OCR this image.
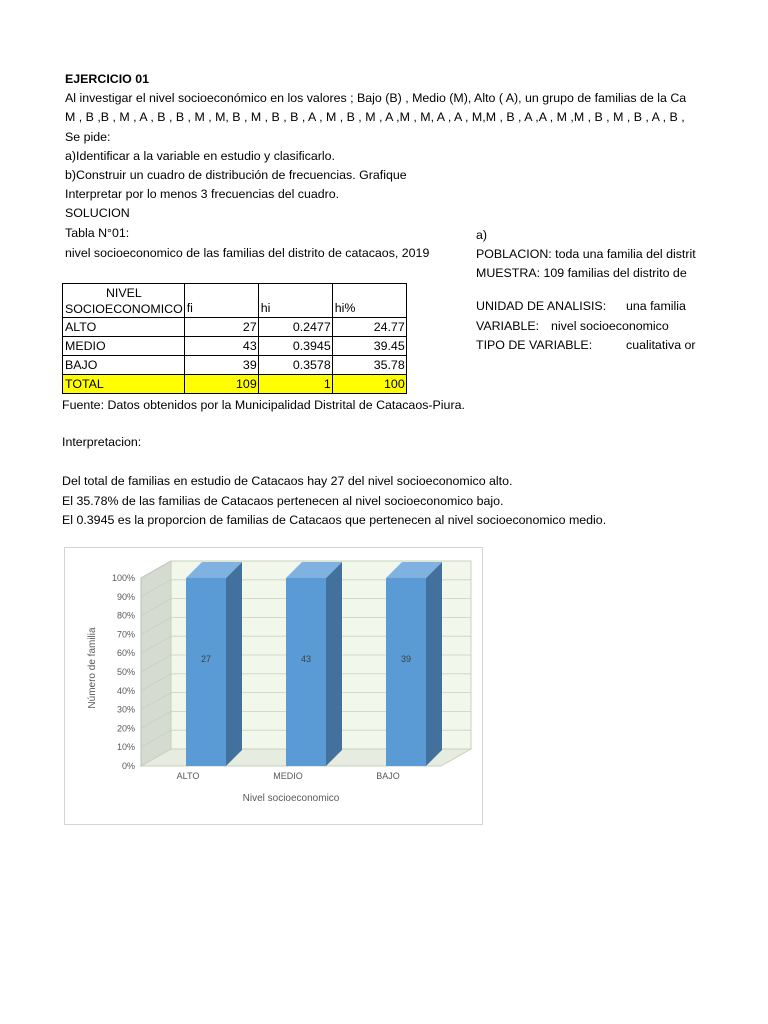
EJERCICIO 01
Al investigar el nivel socioeconómico en los valores ; Bajo (B) , Medio (M), Alto ( A), un grupo de familias de la Ca
M , B ,B , M , A , B , B , M , M, B , M , B , B , A , M , B , M , A ,M , M, A , A , M,M , B , A ,A , M ,M , B , M , B , A , B ,
Se pide:
a)Identificar a la variable en estudio y clasificarlo.
b)Construir un cuadro de distribución de frecuencias. Grafique
Interpretar por lo menos 3 frecuencias del cuadro.
SOLUCION
Tabla N°01:
nivel socioeconomico de las familias del distrito de catacaos, 2019
a)
POBLACION: toda una familia del distrit
MUESTRA: 109 familias del distrito de
UNIDAD DE ANALISIS: una familia
VARIABLE: nivel socioeconomico
TIPO DE VARIABLE:	cualitativa or
NIVEL
SOCIOECONOMICO	fi	hi	hi%
ALTO	27	0.2477	24.77
MEDIO	43	0.3945	39.45
BAJO	39	0.3578	35.78
TOTAL	109	1	100
Fuente: Datos obtenidos por la Municipalidad Distrital de Catacaos-Piura.
Interpretacion:
Del total de familias en estudio de Catacaos hay 27 del nivel socioeconomico alto.
El 35.78% de las familias de Catacaos pertenecen al nivel socioeconomico bajo.
El 0.3945 es la proporcion de familias de Catacaos que pertenecen al nivel socioeconomico medio.
0%
10%
20%
30%
40%
50%
60%
70%
80%
90%
100%
27
ALTO
43
MEDIO
39
BAJO
Nivel socioeconomico
Número de familia
